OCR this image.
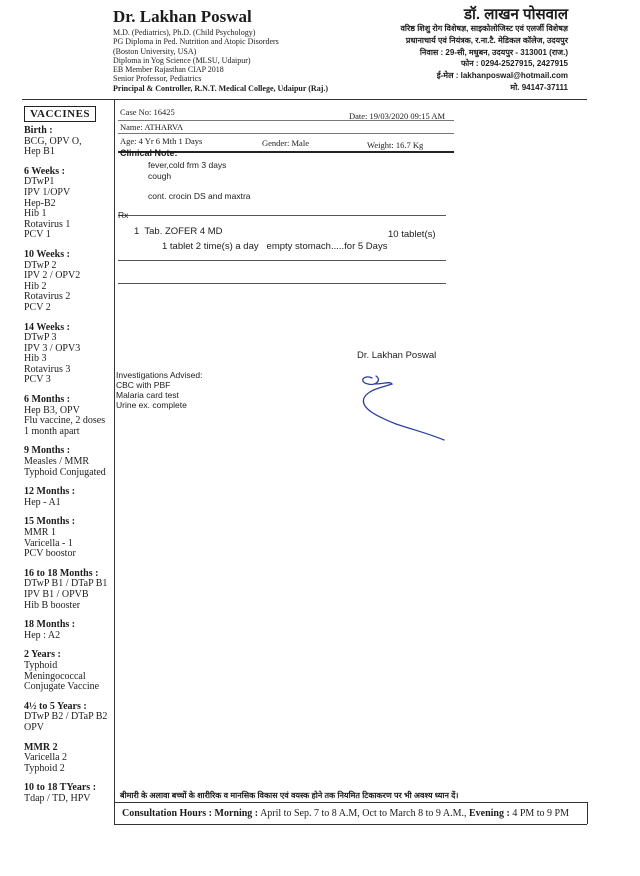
Dr. Lakhan Poswal
M.D. (Pediatrics), Ph.D. (Child Psychology)
PG Diploma in Ped. Nutrition and Atopic Disorders
(Boston University, USA)
Diploma in Yog Science (MLSU, Udaipur)
EB Member Rajasthan CIAP 2018
Senior Professor, Pediatrics
Principal & Controller, R.N.T. Medical College, Udaipur (Raj.)
डॉ. लाखन पोसवाल
वरिष्ठ शिशु रोग विशेषज्ञ, साइकोलोजिस्ट एवं एलर्जी विशेषज्ञ
प्रधानाचार्य एवं नियंत्रक, र.ना.टै. मेडिकल कॉलेज, उदयपुर
निवास : 29-सी, मधुबन, उदयपुर - 313001 (राज.)
फोन : 0294-2527915, 2427915
ई-मेल : lakhanposwal@hotmail.com
मो. 94147-37111
VACCINES
Birth :
BCG, OPV O,
Hep B1
6 Weeks :
DTwP1
IPV 1/OPV
Hep-B2
Hib 1
Rotavirus 1
PCV 1
10 Weeks :
DTwP 2
IPV 2 / OPV2
Hib 2
Rotavirus 2
PCV 2
14 Weeks :
DTwP 3
IPV 3 / OPV3
Hib 3
Rotavirus 3
PCV 3
6 Months :
Hep B3, OPV
Flu vaccine, 2 doses
1 month apart
9 Months :
Measles / MMR
Typhoid Conjugated
12 Months :
Hep - A1
15 Months :
MMR 1
Varicella - 1
PCV boostor
16 to 18 Months :
DTwP B1 / DTaP B1
IPV B1 / OPVB
Hib B booster
18 Months :
Hep : A2
2 Years :
Typhoid
Meningococcal
Conjugate Vaccine
4½ to 5 Years :
DTwP B2 / DTaP B2
OPV
MMR 2
Varicella 2
Typhoid 2
10 to 18 TYears :
Tdap / TD, HPV
Case No: 16425	Date: 19/03/2020 09:15 AM
Name: ATHARVA
Age: 4 Yr 6 Mth 1 Days	Gender: Male	Weight: 16.7 Kg
Clinical Note:
fever,cold frm 3 days
cough
cont. crocin DS and maxtra
Rx
1  Tab. ZOFER 4 MD	10 tablet(s)
1 tablet 2 time(s) a day   empty stomach.....for 5 Days
Dr. Lakhan Poswal
Investigations Advised:
CBC with PBF
Malaria card test
Urine ex. complete
बीमारी के अलावा बच्चों के शारीरिक व मानसिक विकास एवं वयस्क होने तक नियमित टिकाकरण पर भी अवश्य ध्यान दें।
Consultation Hours : Morning : April to Sep. 7 to 8 A.M, Oct to March 8 to 9 A.M., Evening : 4 PM to 9 PM
